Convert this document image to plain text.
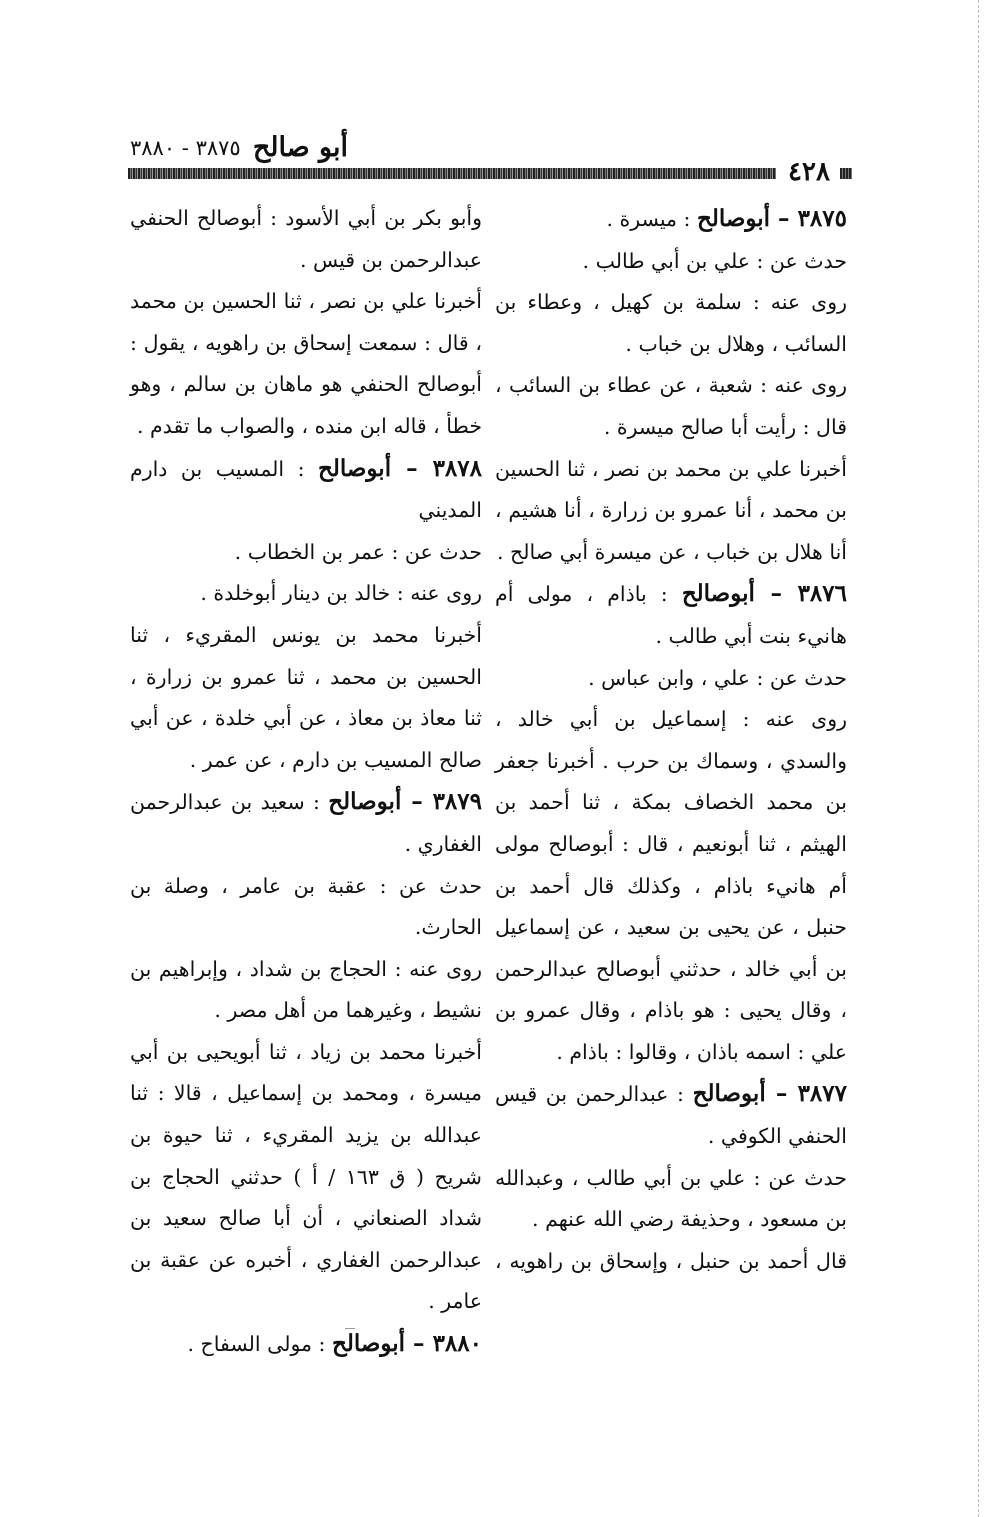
أبو صالح
٣٨٧٥ - ٣٨٨٠
٤٢٨

٣٨٧٥ – أبوصالح : ميسرة .

حدث عن : علي بن أبي طالب .

روى عنه : سلمة بن كهيل ، وعطاء بن السائب ، وهلال بن خباب .

روى عنه : شعبة ، عن عطاء بن السائب ، قال : رأيت أبا صالح ميسرة .

أخبرنا علي بن محمد بن نصر ، ثنا الحسين بن محمد ، أنا عمرو بن زرارة ، أنا هشيم ، أنا هلال بن خباب ، عن ميسرة أبي صالح .

٣٨٧٦ – أبوصالح : باذام ، مولى أم هانيء بنت أبي طالب .

حدث عن : علي ، وابن عباس .

روى عنه : إسماعيل بن أبي خالد ، والسدي ، وسماك بن حرب . أخبرنا جعفر بن محمد الخصاف بمكة ، ثنا أحمد بن الهيثم ، ثنا أبونعيم ، قال : أبوصالح مولى أم هانيء باذام ، وكذلك قال أحمد بن حنبل ، عن يحيى بن سعيد ، عن إسماعيل بن أبي خالد ، حدثني أبوصالح عبدالرحمن ، وقال يحيى : هو باذام ، وقال عمرو بن علي : اسمه باذان ، وقالوا : باذام .

٣٨٧٧ – أبوصالح : عبدالرحمن بن قيس الحنفي الكوفي .

حدث عن : علي بن أبي طالب ، وعبدالله بن مسعود ، وحذيفة رضي الله عنهم .

قال أحمد بن حنبل ، وإسحاق بن راهويه ،

وأبو بكر بن أبي الأسود : أبوصالح الحنفي عبدالرحمن بن قيس .

أخبرنا علي بن نصر ، ثنا الحسين بن محمد ، قال : سمعت إسحاق بن راهويه ، يقول : أبوصالح الحنفي هو ماهان بن سالم ، وهو خطأ ، قاله ابن منده ، والصواب ما تقدم .

٣٨٧٨ – أبوصالح : المسيب بن دارم المديني

حدث عن : عمر بن الخطاب .

روى عنه : خالد بن دينار أبوخلدة .

أخبرنا محمد بن يونس المقريء ، ثنا الحسين بن محمد ، ثنا عمرو بن زرارة ، ثنا معاذ بن معاذ ، عن أبي خلدة ، عن أبي صالح المسيب بن دارم ، عن عمر .

٣٨٧٩ – أبوصالح : سعيد بن عبدالرحمن الغفاري .

حدث عن : عقبة بن عامر ، وصلة بن الحارث.

روى عنه : الحجاج بن شداد ، وإبراهيم بن نشيط ، وغيرهما من أهل مصر .

أخبرنا محمد بن زياد ، ثنا أبويحيى بن أبي ميسرة ، ومحمد بن إسماعيل ، قالا : ثنا عبدالله بن يزيد المقريء ، ثنا حيوة بن شريح ( ق ١٦٣ / أ ) حدثني الحجاج بن شداد الصنعاني ، أن أبا صالح سعيد بن عبدالرحمن الغفاري ، أخبره عن عقبة بن عامر .

٣٨٨٠ – أبوصالح : مولى السفاح .
